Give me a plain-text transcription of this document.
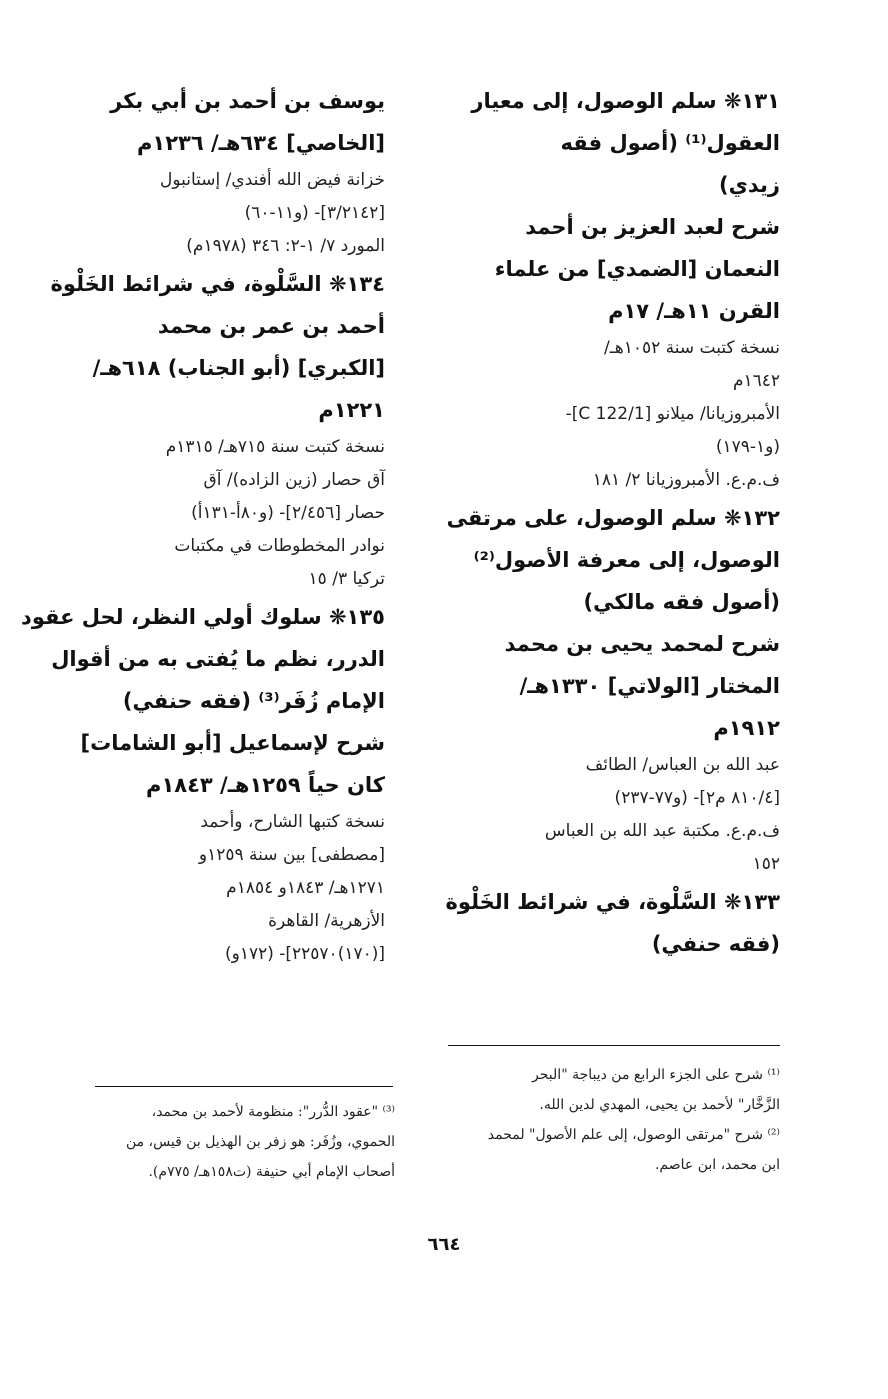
١٣١❋ سلم الوصول، إلى معيار
العقول⁽¹⁾ (أصول فقه
زيدي)
شرح لعبد العزيز بن أحمد
النعمان [الضمدي] من علماء
القرن ١١هـ/ ١٧م
نسخة كتبت سنة ١٠٥٢هـ/
١٦٤٢م
الأمبروزيانا/ ميلانو [C 122/1]-
(و١-١٧٩)
ف.م.ع. الأمبروزيانا ٢/ ١٨١
١٣٢❋ سلم الوصول، على مرتقى
الوصول، إلى معرفة الأصول⁽²⁾
(أصول فقه مالكي)
شرح لمحمد يحيى بن محمد
المختار [الولاتي] ١٣٣٠هـ/
١٩١٢م
عبد الله بن العباس/ الطائف
[٨١٠/٤ م٢]- (و٧٧-٢٣٧)
ف.م.ع. مكتبة عبد الله بن العباس
١٥٢
١٣٣❋ السَّلْوة، في شرائط الخَلْوة
(فقه حنفي)
يوسف بن أحمد بن أبي بكر
[الخاصي] ٦٣٤هـ/ ١٢٣٦م
خزانة فيض الله أفندي/ إستانبول
[٣/٢١٤٢]- (و١١-٦٠)
المورد ٧/ ١-٢: ٣٤٦ (١٩٧٨م)
١٣٤❋ السَّلْوة، في شرائط الخَلْوة
أحمد بن عمر بن محمد
[الكبري] (أبو الجناب) ٦١٨هـ/
١٢٢١م
نسخة كتبت سنة ٧١٥هـ/ ١٣١٥م
آق حصار (زين الزاده)/ آق
حصار [٢/٤٥٦]- (و٨٠أ-١٣١أ)
نوادر المخطوطات في مكتبات
تركيا ٣/ ١٥
١٣٥❋ سلوك أولي النظر، لحل عقود
الدرر، نظم ما يُفتى به من أقوال
الإمام زُفَر⁽³⁾ (فقه حنفي)
شرح لإسماعيل [أبو الشامات]
كان حياً ١٢٥٩هـ/ ١٨٤٣م
نسخة كتبها الشارح، وأحمد
[مصطفى] بين سنة ١٢٥٩و
١٢٧١هـ/ ١٨٤٣و ١٨٥٤م
الأزهرية/ القاهرة
[(١٧٠)٢٢٥٧٠]- (١٧٢و)
⁽¹⁾ شرح على الجزء الرابع من ديباجة "البحر
الزَّخَّار" لأحمد بن يحيى، المهدي لدين الله.
⁽²⁾ شرح "مرتقى الوصول، إلى علم الأصول" لمحمد
ابن محمد، ابن عاصم.
⁽³⁾ "عقود الدُّرر": منظومة لأحمد بن محمد،
الحموي، وزُفَر: هو زفر بن الهذيل بن قيس، من
أصحاب الإمام أبي حنيفة (ت١٥٨هـ/ ٧٧٥م).
٦٦٤
